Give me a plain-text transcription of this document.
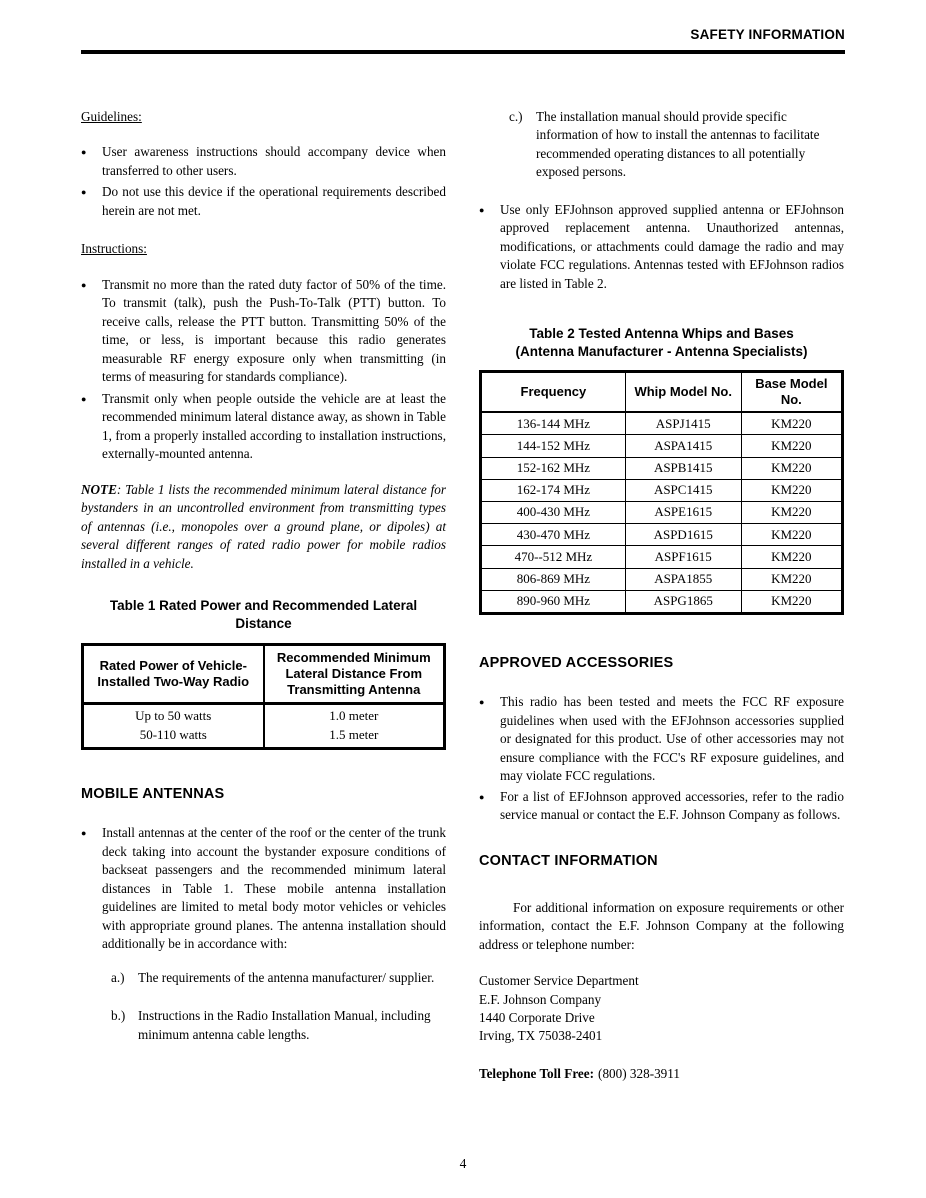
SAFETY INFORMATION
Guidelines:
●	User awareness instructions should accompany device when transferred to other users.
●	Do not use this device if the operational requirements described herein are not met.
Instructions:
●	Transmit no more than the rated duty factor of 50% of the time. To transmit (talk), push the Push-To-Talk (PTT) button. To receive calls, release the PTT button. Transmitting 50% of the time, or less, is important because this radio generates measurable RF energy exposure only when transmitting (in terms of measuring for standards compliance).
●	Transmit only when people outside the vehicle are at least the recommended minimum lateral distance away, as shown in Table 1, from a properly installed according to installation instructions, externally-mounted antenna.
NOTE: Table 1 lists the recommended minimum lateral distance for bystanders in an uncontrolled environment from transmitting types of antennas (i.e., monopoles over a ground plane, or dipoles) at several different ranges of rated radio power for mobile radios installed in a vehicle.
Table 1 Rated Power and Recommended Lateral Distance
Rated Power of Vehicle-Installed Two-Way Radio	Recommended Minimum Lateral Distance From Transmitting Antenna
Up to 50 watts	1.0 meter
50-110 watts	1.5 meter
MOBILE ANTENNAS
●	Install antennas at the center of the roof or the center of the trunk deck taking into account the bystander exposure conditions of backseat passengers and the recommended minimum lateral distances in Table 1. These mobile antenna installation guidelines are limited to metal body motor vehicles or vehicles with appropriate ground planes. The antenna installation should additionally be in accordance with:
a.)	The requirements of the antenna manufacturer/ supplier.
b.) Instructions in the Radio Installation Manual, including minimum antenna cable lengths.
c.)	The installation manual should provide specific information of how to install the antennas to facilitate recommended operating distances to all potentially exposed persons.
●	Use only EFJohnson approved supplied antenna or EFJohnson approved replacement antenna. Unauthorized antennas, modifications, or attachments could damage the radio and may violate FCC regulations. Antennas tested with EFJohnson radios are listed in Table 2.
Table 2 Tested Antenna Whips and Bases
(Antenna Manufacturer - Antenna Specialists)
Frequency	Whip Model No.	Base Model No.
136-144 MHz	ASPJ1415	KM220
144-152 MHz	ASPA1415	KM220
152-162 MHz	ASPB1415	KM220
162-174 MHz	ASPC1415	KM220
400-430 MHz	ASPE1615	KM220
430-470 MHz	ASPD1615	KM220
470--512 MHz	ASPF1615	KM220
806-869 MHz	ASPA1855	KM220
890-960 MHz	ASPG1865	KM220
APPROVED ACCESSORIES
●	This radio has been tested and meets the FCC RF exposure guidelines when used with the EFJohnson accessories supplied or designated for this product. Use of other accessories may not ensure compliance with the FCC's RF exposure guidelines, and may violate FCC regulations.
●	For a list of EFJohnson approved accessories, refer to the radio service manual or contact the E.F. Johnson Company as follows.
CONTACT INFORMATION
For additional information on exposure requirements or other information, contact the E.F. Johnson Company at the following address or telephone number:
Customer Service Department
E.F. Johnson Company
1440 Corporate Drive
Irving, TX 75038-2401
Telephone Toll Free: (800) 328-3911
4
